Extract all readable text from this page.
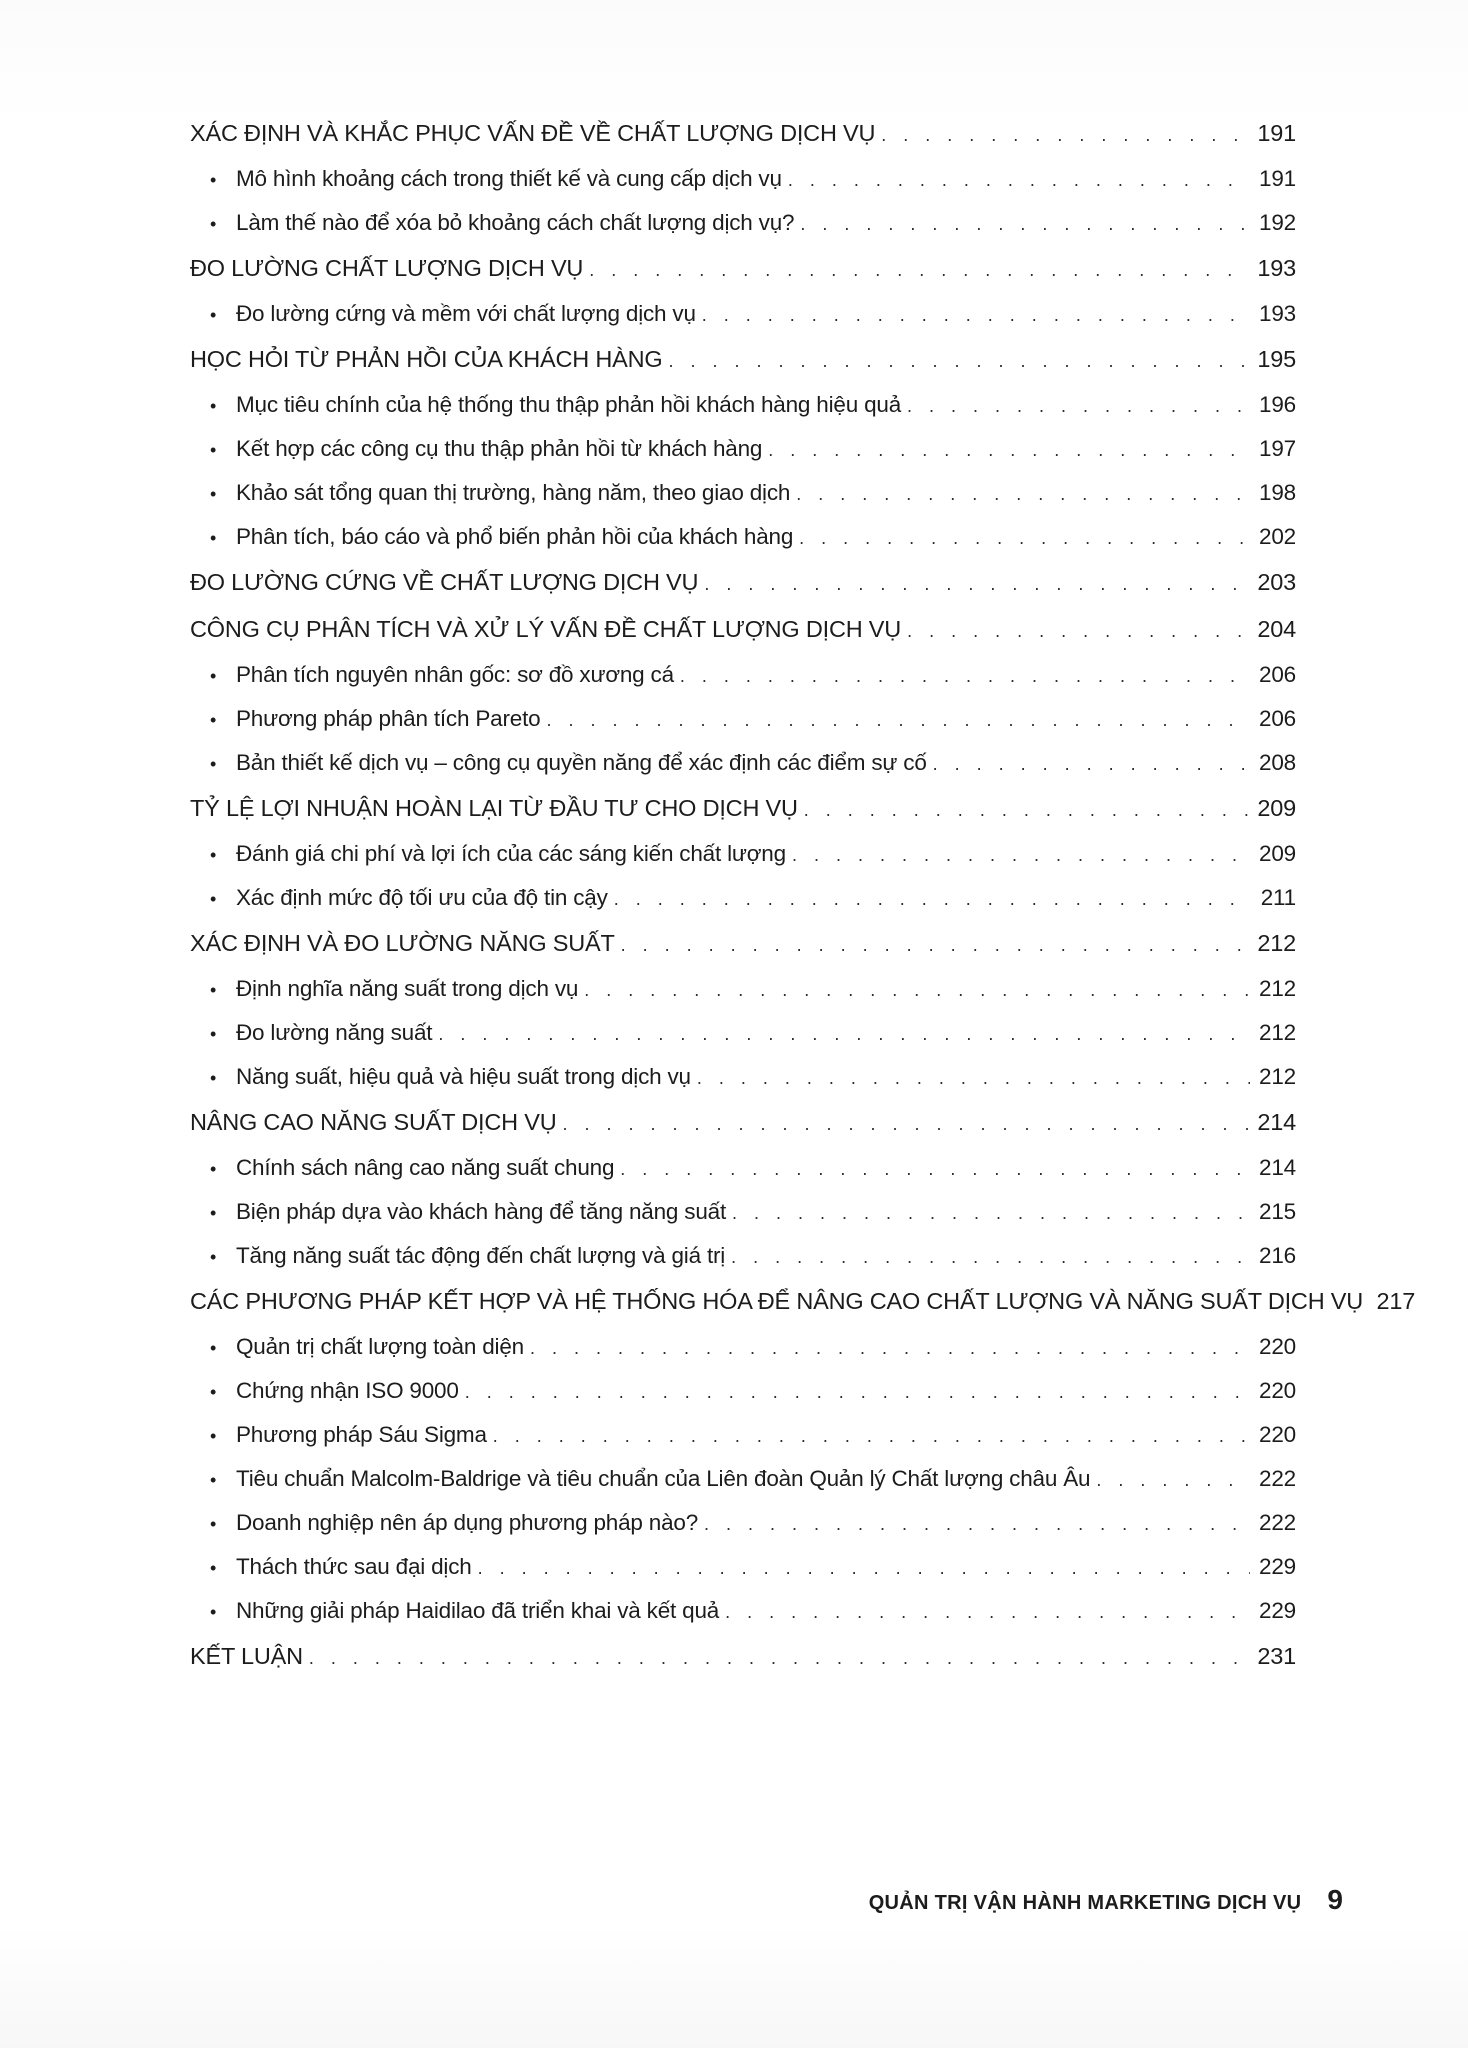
XÁC ĐỊNH VÀ KHẮC PHỤC VẤN ĐỀ VỀ CHẤT LƯỢNG DỊCH VỤ . . .	191
• Mô hình khoảng cách trong thiết kế và cung cấp dịch vụ . . .	191
• Làm thế nào để xóa bỏ khoảng cách chất lượng dịch vụ? . . .	192
ĐO LƯỜNG CHẤT LƯỢNG DỊCH VỤ . . .	193
• Đo lường cứng và mềm với chất lượng dịch vụ . . .	193
HỌC HỎI TỪ PHẢN HỒI CỦA KHÁCH HÀNG . . .	195
• Mục tiêu chính của hệ thống thu thập phản hồi khách hàng hiệu quả . . .	196
• Kết hợp các công cụ thu thập phản hồi từ khách hàng . . .	197
• Khảo sát tổng quan thị trường, hàng năm, theo giao dịch . . .	198
• Phân tích, báo cáo và phổ biến phản hồi của khách hàng . . .	202
ĐO LƯỜNG CỨNG VỀ CHẤT LƯỢNG DỊCH VỤ . . .	203
CÔNG CỤ PHÂN TÍCH VÀ XỬ LÝ VẤN ĐỀ CHẤT LƯỢNG DỊCH VỤ . . .	204
• Phân tích nguyên nhân gốc: sơ đồ xương cá . . .	206
• Phương pháp phân tích Pareto . . .	206
• Bản thiết kế dịch vụ – công cụ quyền năng để xác định các điểm sự cố . . .	208
TỶ LỆ LỢI NHUẬN HOÀN LẠI TỪ ĐẦU TƯ CHO DỊCH VỤ . . .	209
• Đánh giá chi phí và lợi ích của các sáng kiến chất lượng . . .	209
• Xác định mức độ tối ưu của độ tin cậy . . .	211
XÁC ĐỊNH VÀ ĐO LƯỜNG NĂNG SUẤT . . .	212
• Định nghĩa năng suất trong dịch vụ . . .	212
• Đo lường năng suất . . .	212
• Năng suất, hiệu quả và hiệu suất trong dịch vụ . . .	212
NÂNG CAO NĂNG SUẤT DỊCH VỤ . . .	214
• Chính sách nâng cao năng suất chung . . .	214
• Biện pháp dựa vào khách hàng để tăng năng suất . . .	215
• Tăng năng suất tác động đến chất lượng và giá trị . . .	216
CÁC PHƯƠNG PHÁP KẾT HỢP VÀ HỆ THỐNG HÓA ĐỂ NÂNG CAO CHẤT LƯỢNG VÀ NĂNG SUẤT DỊCH VỤ 217
• Quản trị chất lượng toàn diện . . .	220
• Chứng nhận ISO 9000 . . .	220
• Phương pháp Sáu Sigma . . .	220
• Tiêu chuẩn Malcolm-Baldrige và tiêu chuẩn của Liên đoàn Quản lý Chất lượng châu Âu . . .	222
• Doanh nghiệp nên áp dụng phương pháp nào? . . .	222
• Thách thức sau đại dịch . . .	229
• Những giải pháp Haidilao đã triển khai và kết quả . . .	229
KẾT LUẬN . . .	231
QUẢN TRỊ VẬN HÀNH MARKETING DỊCH VỤ 9
